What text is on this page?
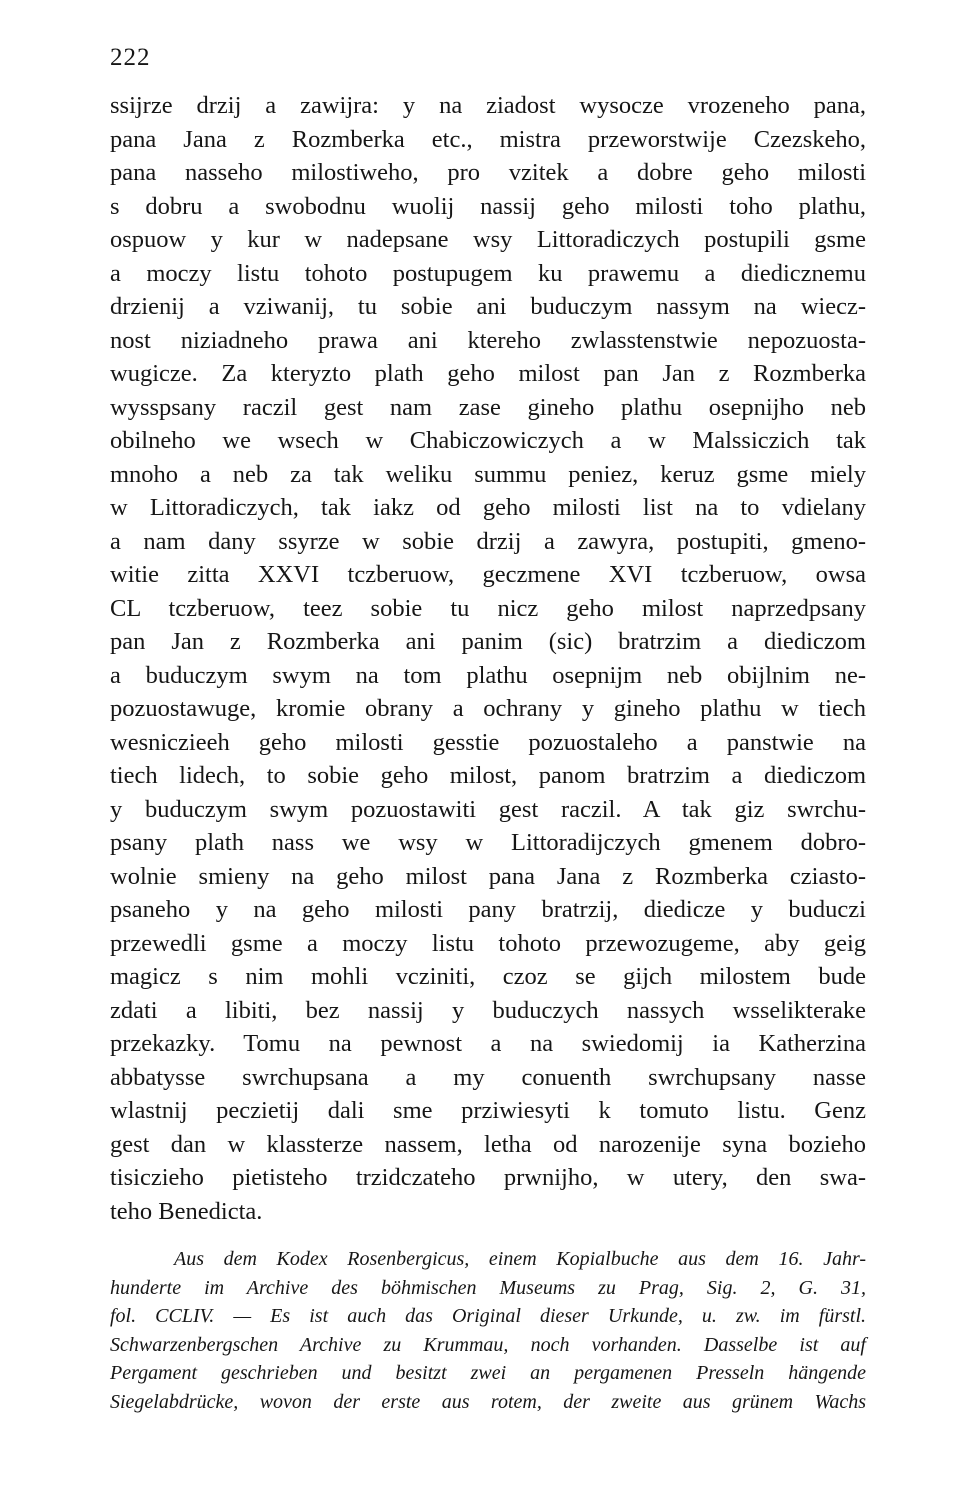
222

ssijrze drzij a zawijra: y na ziadost wysocze vrozeneho pana,
pana Jana z Rozmberka etc., mistra przeworstwije Czezskeho,
pana nasseho milostiweho, pro vzitek a dobre geho milosti
s dobru a swobodnu wuolij nassij geho milosti toho plathu,
ospuow y kur w nadepsane wsy Littoradiczych postupili gsme
a moczy listu tohoto postupugem ku prawemu a diedicznemu
drzienij a vziwanij, tu sobie ani buduczym nassym na wiecz-
nost niziadneho prawa ani ktereho zwlasstenstwie nepozuosta-
wugicze. Za kteryzto plath geho milost pan Jan z Rozmberka
wysspsany raczil gest nam zase gineho plathu osepnijho neb
obilneho we wsech w Chabiczowiczych a w Malssiczich tak
mnoho a neb za tak weliku summu peniez, keruz gsme miely
w Littoradiczych, tak iakz od geho milosti list na to vdielany
a nam dany ssyrze w sobie drzij a zawyra, postupiti, gmeno-
witie zitta XXVI tczberuow, geczmene XVI tczberuow, owsa
CL tczberuow, teez sobie tu nicz geho milost naprzedpsany
pan Jan z Rozmberka ani panim (sic) bratrzim a diediczom
a buduczym swym na tom plathu osepnijm neb obijlnim ne-
pozuostawuge, kromie obrany a ochrany y gineho plathu w tiech
wesniczieeh geho milosti gesstie pozuostaleho a panstwie na
tiech lidech, to sobie geho milost, panom bratrzim a diediczom
y buduczym swym pozuostawiti gest raczil. A tak giz swrchu-
psany plath nass we wsy w Littoradijczych gmenem dobro-
wolnie smieny na geho milost pana Jana z Rozmberka cziasto-
psaneho y na geho milosti pany bratrzij, diedicze y buduczi
przewedli gsme a moczy listu tohoto przewozugeme, aby geig
magicz s nim mohli vcziniti, czoz se gijch milostem bude
zdati a libiti, bez nassij y buduczych nassych wsselikterake
przekazky. Tomu na pewnost a na swiedomij ia Katherzina
abbatysse swrchupsana a my conuenth swrchupsany nasse
wlastnij peczietij dali sme prziwiesyti k tomuto listu. Genz
gest dan w klassterze nassem, letha od narozenije syna bozieho
tisiczieho pietisteho trzidczateho prwnijho, w utery, den swa-
teho Benedicta.
Aus dem Kodex Rosenbergicus, einem Kopialbuche aus dem 16. Jahr-
hunderte im Archive des böhmischen Museums zu Prag, Sig. 2, G. 31,
fol. CCLIV. — Es ist auch das Original dieser Urkunde, u. zw. im fürstl.
Schwarzenbergschen Archive zu Krummau, noch vorhanden. Dasselbe ist auf
Pergament geschrieben und besitzt zwei an pergamenen Presseln hängende
Siegelabdrücke, wovon der erste aus rotem, der zweite aus grünem Wachs
